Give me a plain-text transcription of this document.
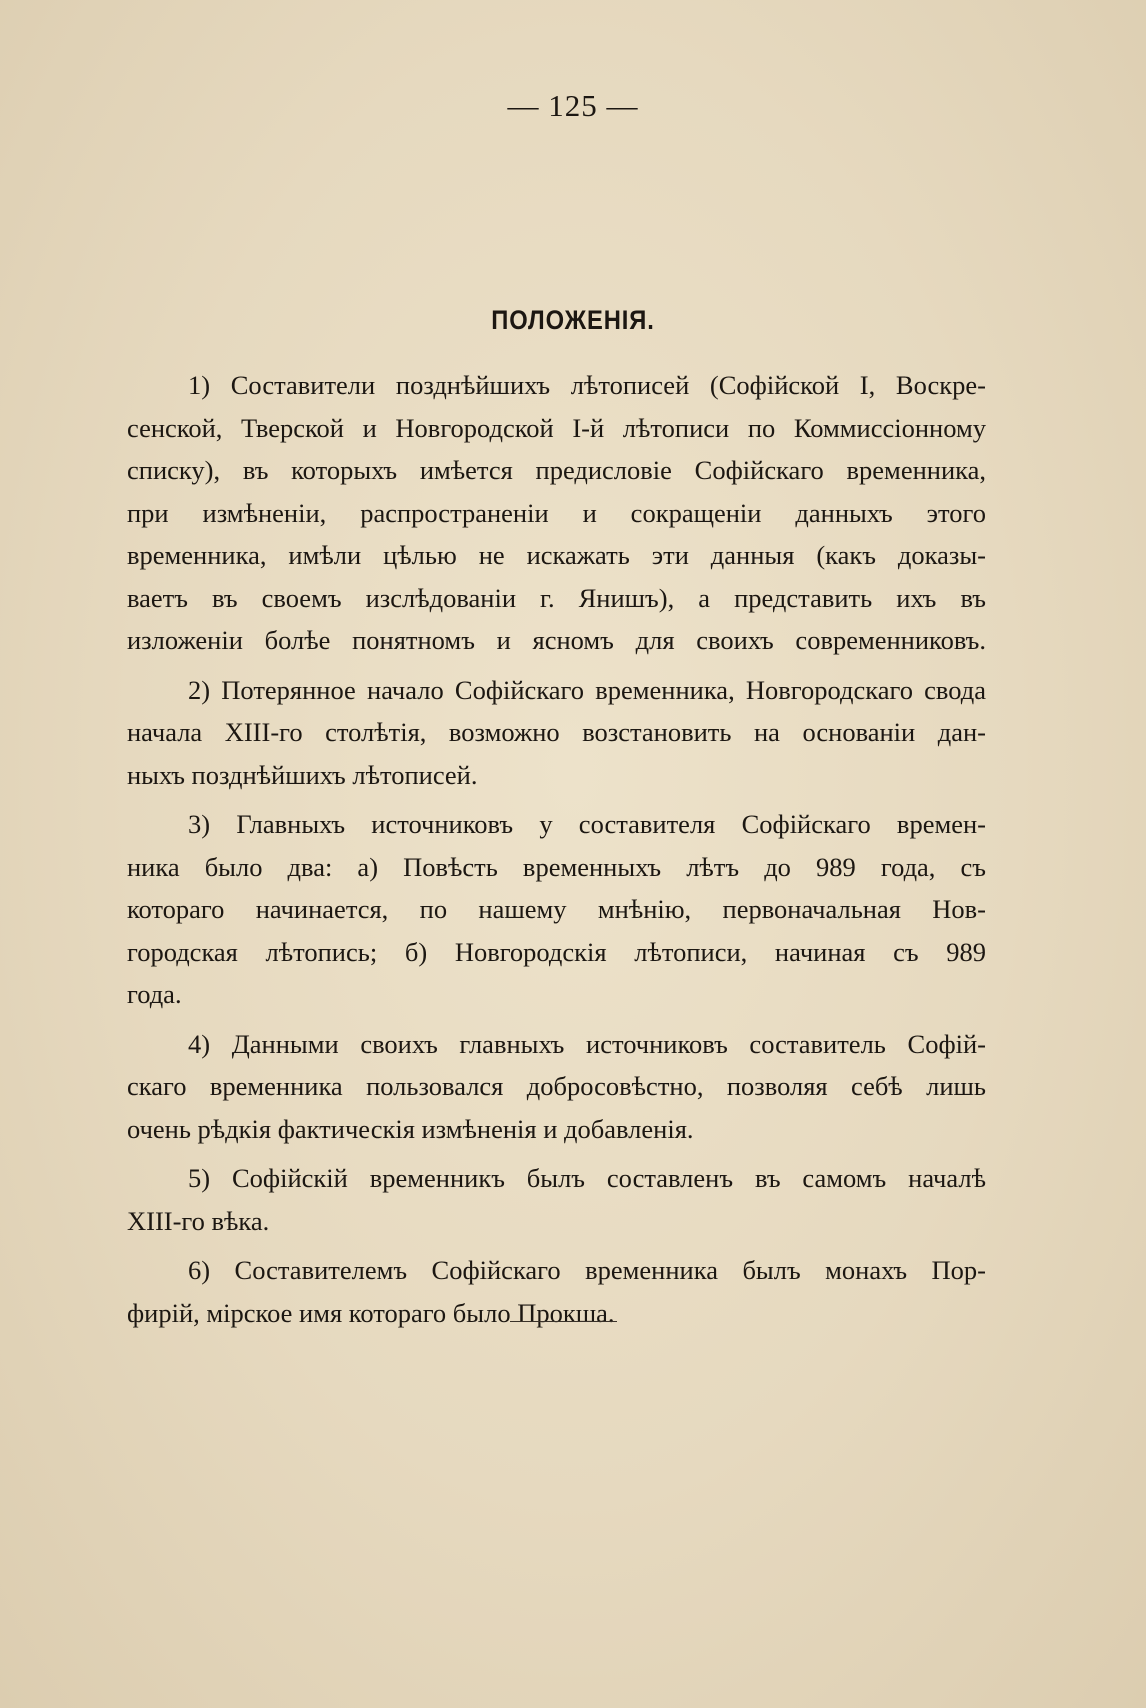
— 125 —
ПОЛОЖЕНІЯ.
1) Составители позднѣйшихъ лѣтописей (Софійской I, Воскре-
сенской, Тверской и Новгородской I-й лѣтописи по Коммиссіонному
списку), въ которыхъ имѣется предисловіе Софійскаго временника,
при измѣненіи, распространеніи и сокращеніи данныхъ этого
временника, имѣли цѣлью не искажать эти данныя (какъ доказы-
ваетъ въ своемъ изслѣдованіи г. Янишъ), а представить ихъ въ
изложеніи болѣе понятномъ и ясномъ для своихъ современниковъ.
2) Потерянное начало Софійскаго временника, Новгородскаго свода
начала XIII-го столѣтія, возможно возстановить на основаніи дан-
ныхъ позднѣйшихъ лѣтописей.
3) Главныхъ источниковъ у составителя Софійскаго времен-
ника было два: а) Повѣсть временныхъ лѣтъ до 989 года, съ
котораго начинается, по нашему мнѣнію, первоначальная Нов-
городская лѣтопись; б) Новгородскія лѣтописи, начиная съ 989
года.
4) Данными своихъ главныхъ источниковъ составитель Софій-
скаго временника пользовался добросовѣстно, позволяя себѣ лишь
очень рѣдкія фактическія измѣненія и добавленія.
5) Софійскій временникъ былъ составленъ въ самомъ началѣ
XIII-го вѣка.
6) Составителемъ Софійскаго временника былъ монахъ Пор-
фирій, мірское имя котораго было Прокша.
